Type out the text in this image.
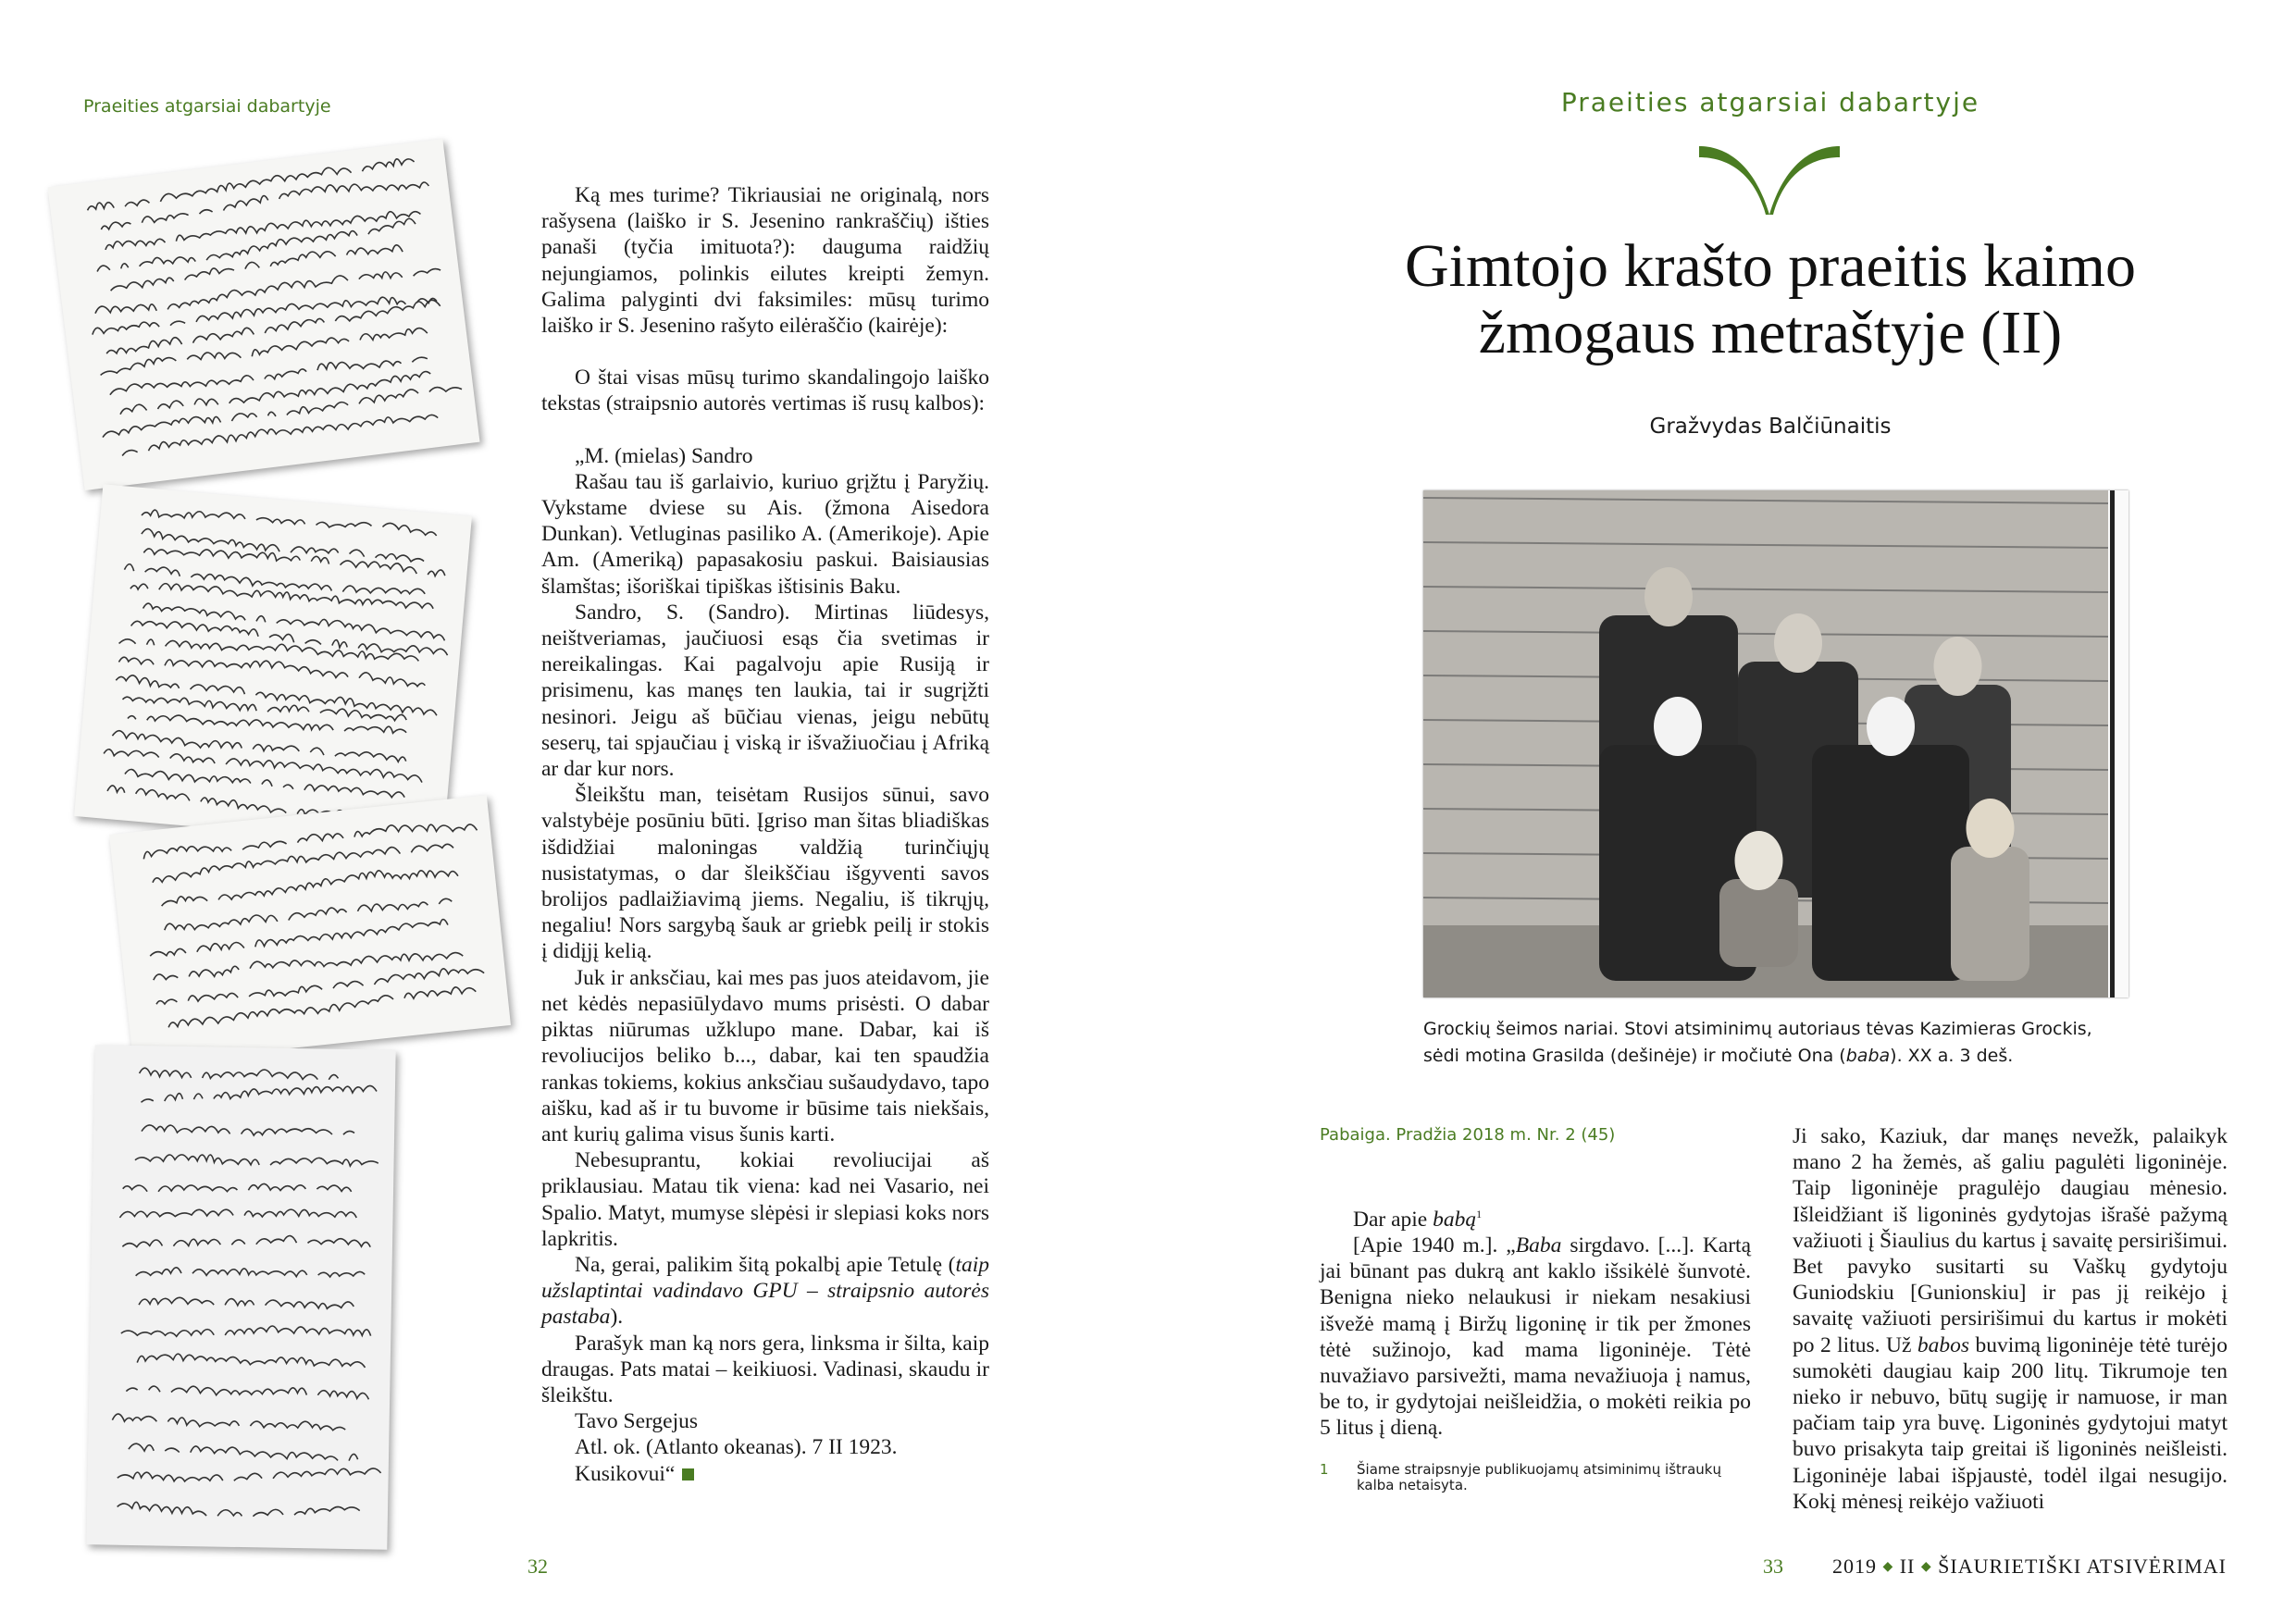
Praeities atgarsiai dabartyje

Ką mes turime? Tikriausiai ne originalą, nors rašysena (laiško ir S. Jesenino rankraščių) išties panaši (tyčia imituota?): dauguma raidžių nejungiamos, polinkis eilutes kreipti žemyn. Galima palyginti dvi faksimiles: mūsų turimo laiško ir S. Jesenino rašyto eilėraščio (kairėje):

O štai visas mūsų turimo skandalingojo laiško tekstas (straipsnio autorės vertimas iš rusų kalbos):

„M. (mielas) Sandro

Rašau tau iš garlaivio, kuriuo grįžtu į Paryžių. Vykstame dviese su Ais. (žmona Aisedora Dunkan). Vetluginas pasiliko A. (Amerikoje). Apie Am. (Ameriką) papasakosiu paskui. Baisiausias šlamštas; išoriškai tipiškas ištisinis Baku.

Sandro, S. (Sandro). Mirtinas liūdesys, neištveriamas, jaučiuosi esąs čia svetimas ir nereikalingas. Kai pagalvoju apie Rusiją ir prisimenu, kas manęs ten laukia, tai ir sugrįžti nesinori. Jeigu aš būčiau vienas, jeigu nebūtų seserų, tai spjaučiau į viską ir išvažiuočiau į Afriką ar dar kur nors.

Šleikštu man, teisėtam Rusijos sūnui, savo valstybėje posūniu būti. Įgriso man šitas bliadiškas išdidžiai maloningas valdžią turinčiųjų nusistatymas, o dar šleikščiau išgyventi savos brolijos padlaižiavimą jiems. Negaliu, iš tikrųjų, negaliu! Nors sargybą šauk ar griebk peilį ir stokis į didįjį kelią.

Juk ir anksčiau, kai mes pas juos ateidavom, jie net kėdės nepasiūlydavo mums prisėsti. O dabar piktas niūrumas užklupo mane. Dabar, kai iš revoliucijos beliko b..., dabar, kai ten spaudžia rankas tokiems, kokius anksčiau sušaudydavo, tapo aišku, kad aš ir tu buvome ir būsime tais niekšais, ant kurių galima visus šunis karti.

Nebesuprantu, kokiai revoliucijai aš priklausiau. Matau tik viena: kad nei Vasario, nei Spalio. Matyt, mumyse slėpėsi ir slepiasi koks nors lapkritis.

Na, gerai, palikim šitą pokalbį apie Tetulę (taip užslaptintai vadindavo GPU – straipsnio autorės pastaba).

Parašyk man ką nors gera, linksma ir šilta, kaip draugas. Pats matai – keikiuosi. Vadinasi, skaudu ir šleikštu.

Tavo Sergejus

Atl. ok. (Atlanto okeanas). 7 II 1923.

Kusikovui“

32
Praeities atgarsiai dabartyje
Gimtojo krašto praeitis kaimo
žmogaus metraštyje (II)
Gražvydas Balčiūnaitis
Grockių šeimos nariai. Stovi atsiminimų autoriaus tėvas Kazimieras Grockis,
sėdi motina Grasilda (dešinėje) ir močiutė Ona (baba). XX a. 3 deš.
Pabaiga. Pradžia 2018 m. Nr. 2 (45)

Dar apie babą$^1$

[Apie 1940 m.]. „Baba sirgdavo. [...]. Kartą jai būnant pas dukrą ant kaklo išsikėlė šunvotė. Benigna nieko nelaukusi ir niekam nesakiusi išvežė mamą į Biržų ligoninę ir tik per žmones tėtė sužinojo, kad mama ligoninėje. Tėtė nuvažiavo parsivežti, mama nevažiuoja į namus, be to, ir gydytojai neišleidžia, o mokėti reikia po 5 litus į dieną.

1	Šiame straipsnyje publikuojamų atsiminimų ištraukų kalba netaisyta.

Ji sako, Kaziuk, dar manęs nevežk, palaikyk mano 2 ha žemės, aš galiu pagulėti ligoninėje. Taip ligoninėje pragulėjo daugiau mėnesio. Išleidžiant iš ligoninės gydytojas išrašė pažymą važiuoti į Šiaulius du kartus į savaitę persirišimui. Bet pavyko susitarti su Vaškų gydytoju Guniodskiu [Gunionskiu] ir pas jį reikėjo į savaitę važiuoti persirišimui du kartus ir mokėti po 2 litus. Už babos buvimą ligoninėje tėtė turėjo sumokėti daugiau kaip 200 litų. Tikrumoje ten nieko ir nebuvo, būtų sugiję ir namuose, ir man pačiam taip yra buvę. Ligoninės gydytojui matyt buvo prisakyta taip greitai iš ligoninės neišleisti. Ligoninėje labai išpjaustė, todėl ilgai nesugijo. Kokį mėnesį reikėjo važiuoti

33 2019 ◆ II ◆ ŠIAURIETIŠKI ATSIVĖRIMAI
